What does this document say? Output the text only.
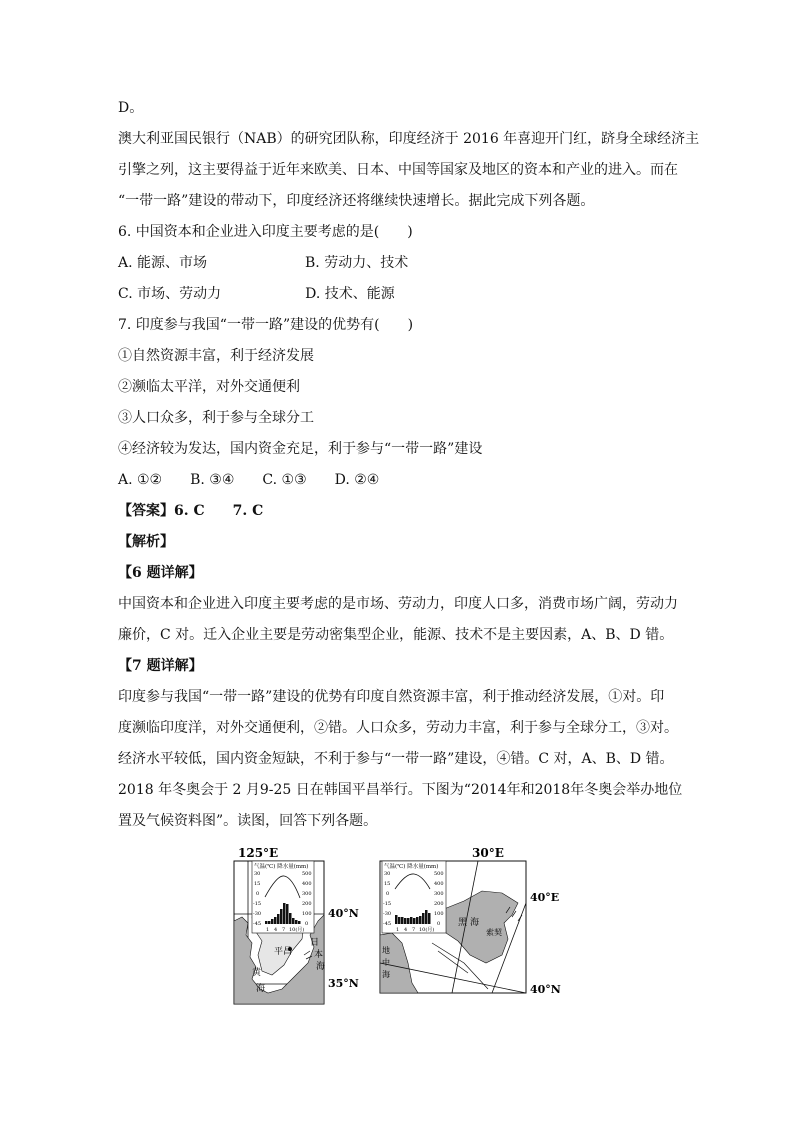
D。
澳大利亚国民银行（NAB）的研究团队称，印度经济于 2016 年喜迎开门红，跻身全球经济主
引擎之列，这主要得益于近年来欧美、日本、中国等国家及地区的资本和产业的进入。而在
“一带一路”建设的带动下，印度经济还将继续快速增长。据此完成下列各题。
6. 中国资本和企业进入印度主要考虑的是(　　)
A. 能源、市场　　　　　　　B. 劳动力、技术
C. 市场、劳动力　　　　　　D. 技术、能源
7. 印度参与我国“一带一路”建设的优势有(　　)
①自然资源丰富，利于经济发展
②濒临太平洋，对外交通便利
③人口众多，利于参与全球分工
④经济较为发达，国内资金充足，利于参与“一带一路”建设
A. ①②　　B. ③④　　C. ①③　　D. ②④
【答案】6. C　　7. C
【解析】
【6 题详解】
中国资本和企业进入印度主要考虑的是市场、劳动力，印度人口多，消费市场广阔，劳动力
廉价，C 对。迁入企业主要是劳动密集型企业，能源、技术不是主要因素，A、B、D 错。
【7 题详解】
印度参与我国“一带一路”建设的优势有印度自然资源丰富，利于推动经济发展，①对。印
度濒临印度洋，对外交通便利，②错。人口众多，劳动力丰富，利于参与全球分工，③对。
经济水平较低，国内资金短缺，不利于参与“一带一路”建设，④错。C 对，A、B、D 错。
2018 年冬奥会于 2 月9-25 日在韩国平昌举行。下图为“2014年和2018年冬奥会举办地位
置及气候资料图”。读图，回答下列各题。
125°E
平昌
黄
海
日
本
海
40°N
35°N
气温(℃) 降水量(mm)
30
15
0
-15
-30
-45
500
400
300
200
100
0
1 4 7 10(月)
30°E
黑 海
索契
地
中
海
40°E
40°N
气温(℃) 降水量(mm)
30
15
0
-15
-30
-45
500
400
300
200
100
0
1 4 7 10(月)
